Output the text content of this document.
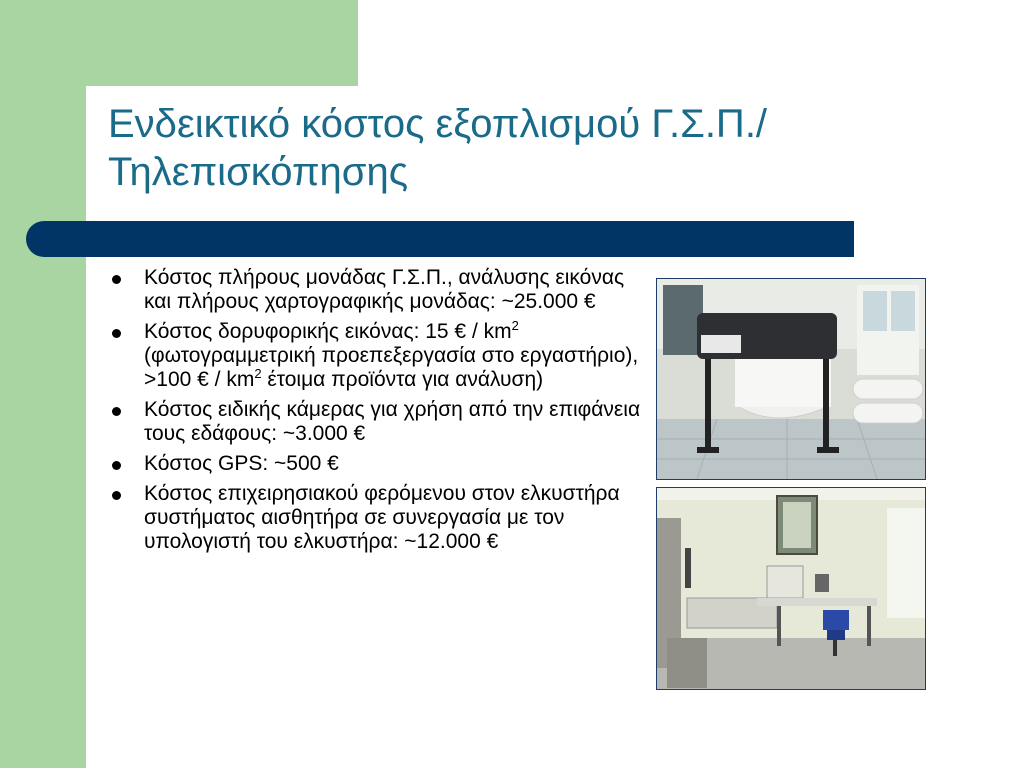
Ενδεικτικό κόστος εξοπλισμού Γ.Σ.Π./
Τηλεπισκόπησης
Κόστος πλήρους μονάδας Γ.Σ.Π., ανάλυσης εικόνας και πλήρους χαρτογραφικής μονάδας: ~25.000 €
Κόστος δορυφορικής εικόνας: 15 € / $km^2$ (φωτογραμμετρική προεπεξεργασία στο εργαστήριο), >100 € / $km^2$ έτοιμα προϊόντα για ανάλυση)
Κόστος ειδικής κάμερας για χρήση από την επιφάνεια τους εδάφους: ~3.000 €
Κόστος GPS: ~500 €
Κόστος επιχειρησιακού φερόμενου στον ελκυστήρα συστήματος αισθητήρα σε συνεργασία με τον υπολογιστή του ελκυστήρα: ~12.000 €
